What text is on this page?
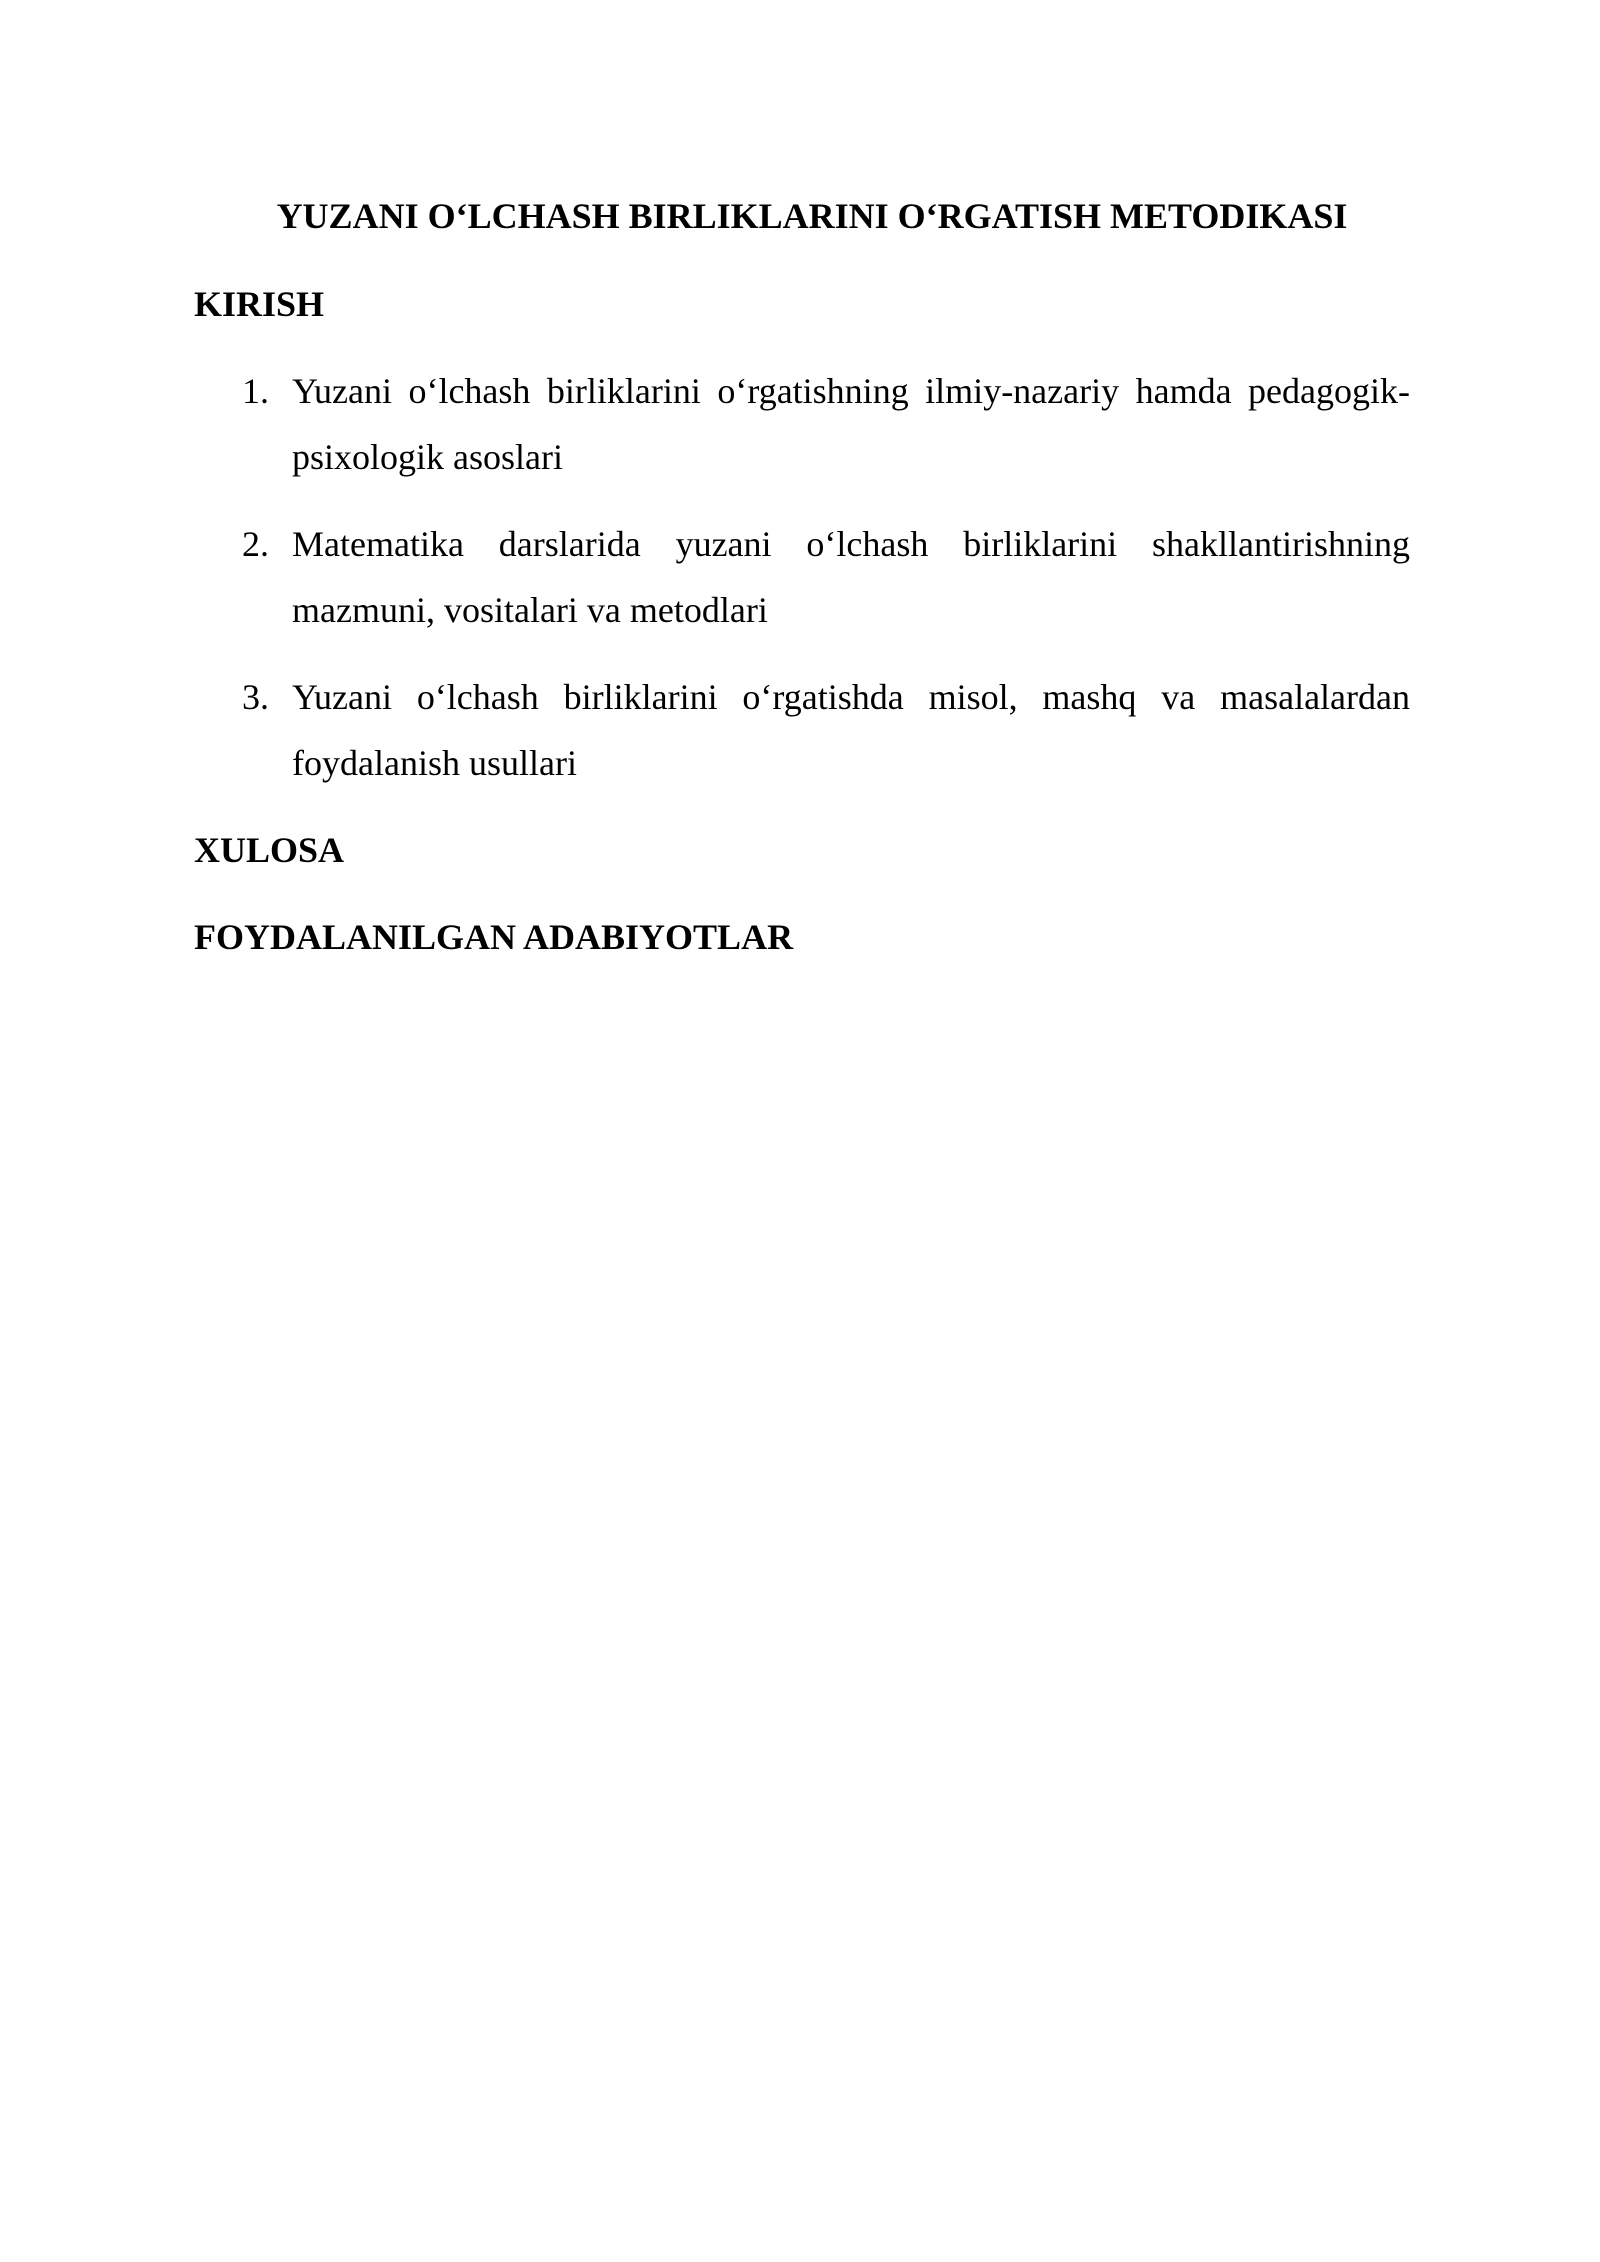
YUZANI O‘LCHASH BIRLIKLARINI O‘RGATISH METODIKASI
KIRISH
1. Yuzani o‘lchash birliklarini o‘rgatishning ilmiy-nazariy hamda pedagogik-psixologik asoslari
2. Matematika darslarida yuzani o‘lchash birliklarini shakllantirishning mazmuni, vositalari va metodlari
3. Yuzani o‘lchash birliklarini o‘rgatishda misol, mashq va masalalardan foydalanish usullari
XULOSA
FOYDALANILGAN ADABIYOTLAR
